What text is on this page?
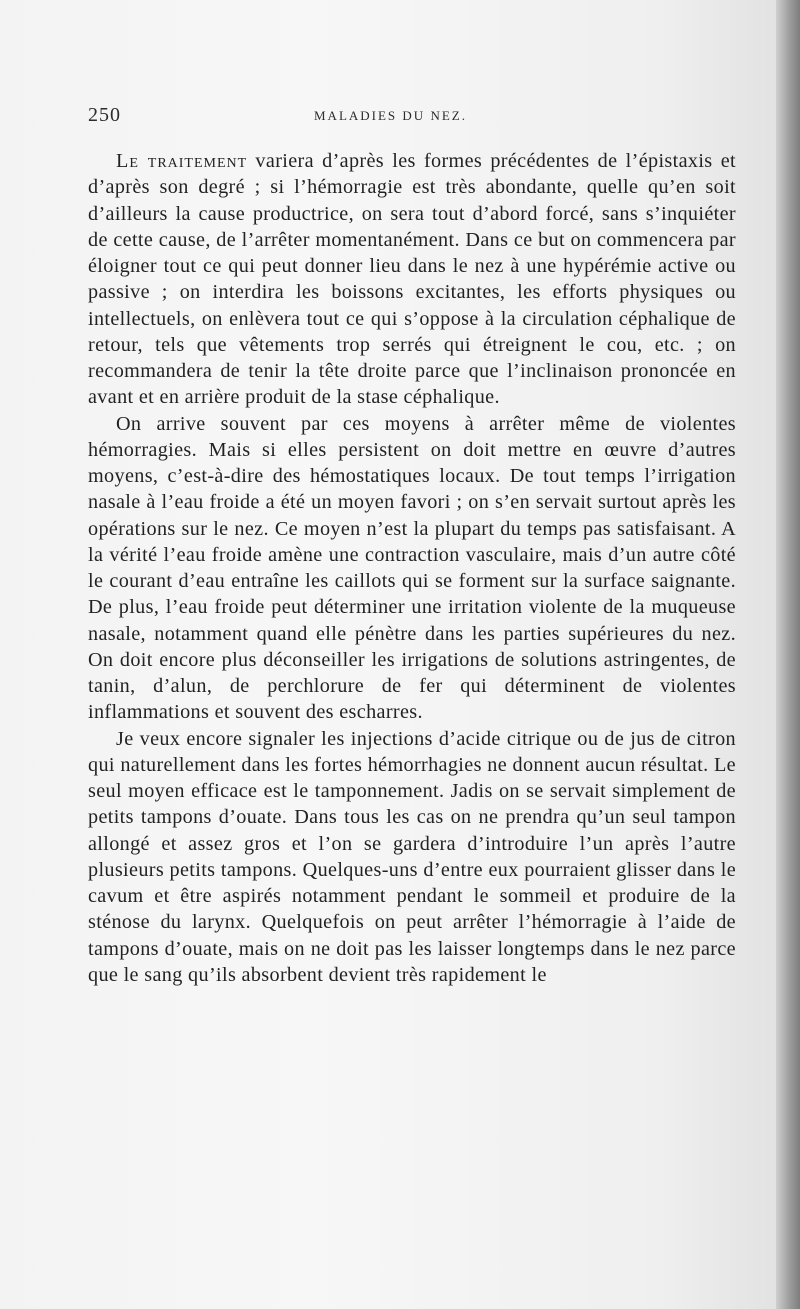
250	MALADIES DU NEZ.

Le traitement variera d’après les formes précédentes de l’épistaxis et d’après son degré ; si l’hémorragie est très abondante, quelle qu’en soit d’ailleurs la cause productrice, on sera tout d’abord forcé, sans s’inquiéter de cette cause, de l’arrêter momentanément. Dans ce but on commencera par éloigner tout ce qui peut donner lieu dans le nez à une hypérémie active ou passive ; on interdira les boissons excitantes, les efforts physiques ou intellectuels, on enlèvera tout ce qui s’oppose à la circulation céphalique de retour, tels que vêtements trop serrés qui étreignent le cou, etc. ; on recommandera de tenir la tête droite parce que l’inclinaison prononcée en avant et en arrière produit de la stase céphalique.

On arrive souvent par ces moyens à arrêter même de violentes hémorragies. Mais si elles persistent on doit mettre en œuvre d’autres moyens, c’est-à-dire des hémostatiques locaux. De tout temps l’irrigation nasale à l’eau froide a été un moyen favori ; on s’en servait surtout après les opérations sur le nez. Ce moyen n’est la plupart du temps pas satisfaisant. A la vérité l’eau froide amène une contraction vasculaire, mais d’un autre côté le courant d’eau entraîne les caillots qui se forment sur la surface saignante. De plus, l’eau froide peut déterminer une irritation violente de la muqueuse nasale, notamment quand elle pénètre dans les parties supérieures du nez. On doit encore plus déconseiller les irrigations de solutions astringentes, de tanin, d’alun, de perchlorure de fer qui déterminent de violentes inflammations et souvent des escharres.

Je veux encore signaler les injections d’acide citrique ou de jus de citron qui naturellement dans les fortes hémorrhagies ne donnent aucun résultat. Le seul moyen efficace est le tamponnement. Jadis on se servait simplement de petits tampons d’ouate. Dans tous les cas on ne prendra qu’un seul tampon allongé et assez gros et l’on se gardera d’introduire l’un après l’autre plusieurs petits tampons. Quelques-uns d’entre eux pourraient glisser dans le cavum et être aspirés notamment pendant le sommeil et produire de la sténose du larynx. Quelquefois on peut arrêter l’hémorragie à l’aide de tampons d’ouate, mais on ne doit pas les laisser longtemps dans le nez parce que le sang qu’ils absorbent devient très rapidement le
